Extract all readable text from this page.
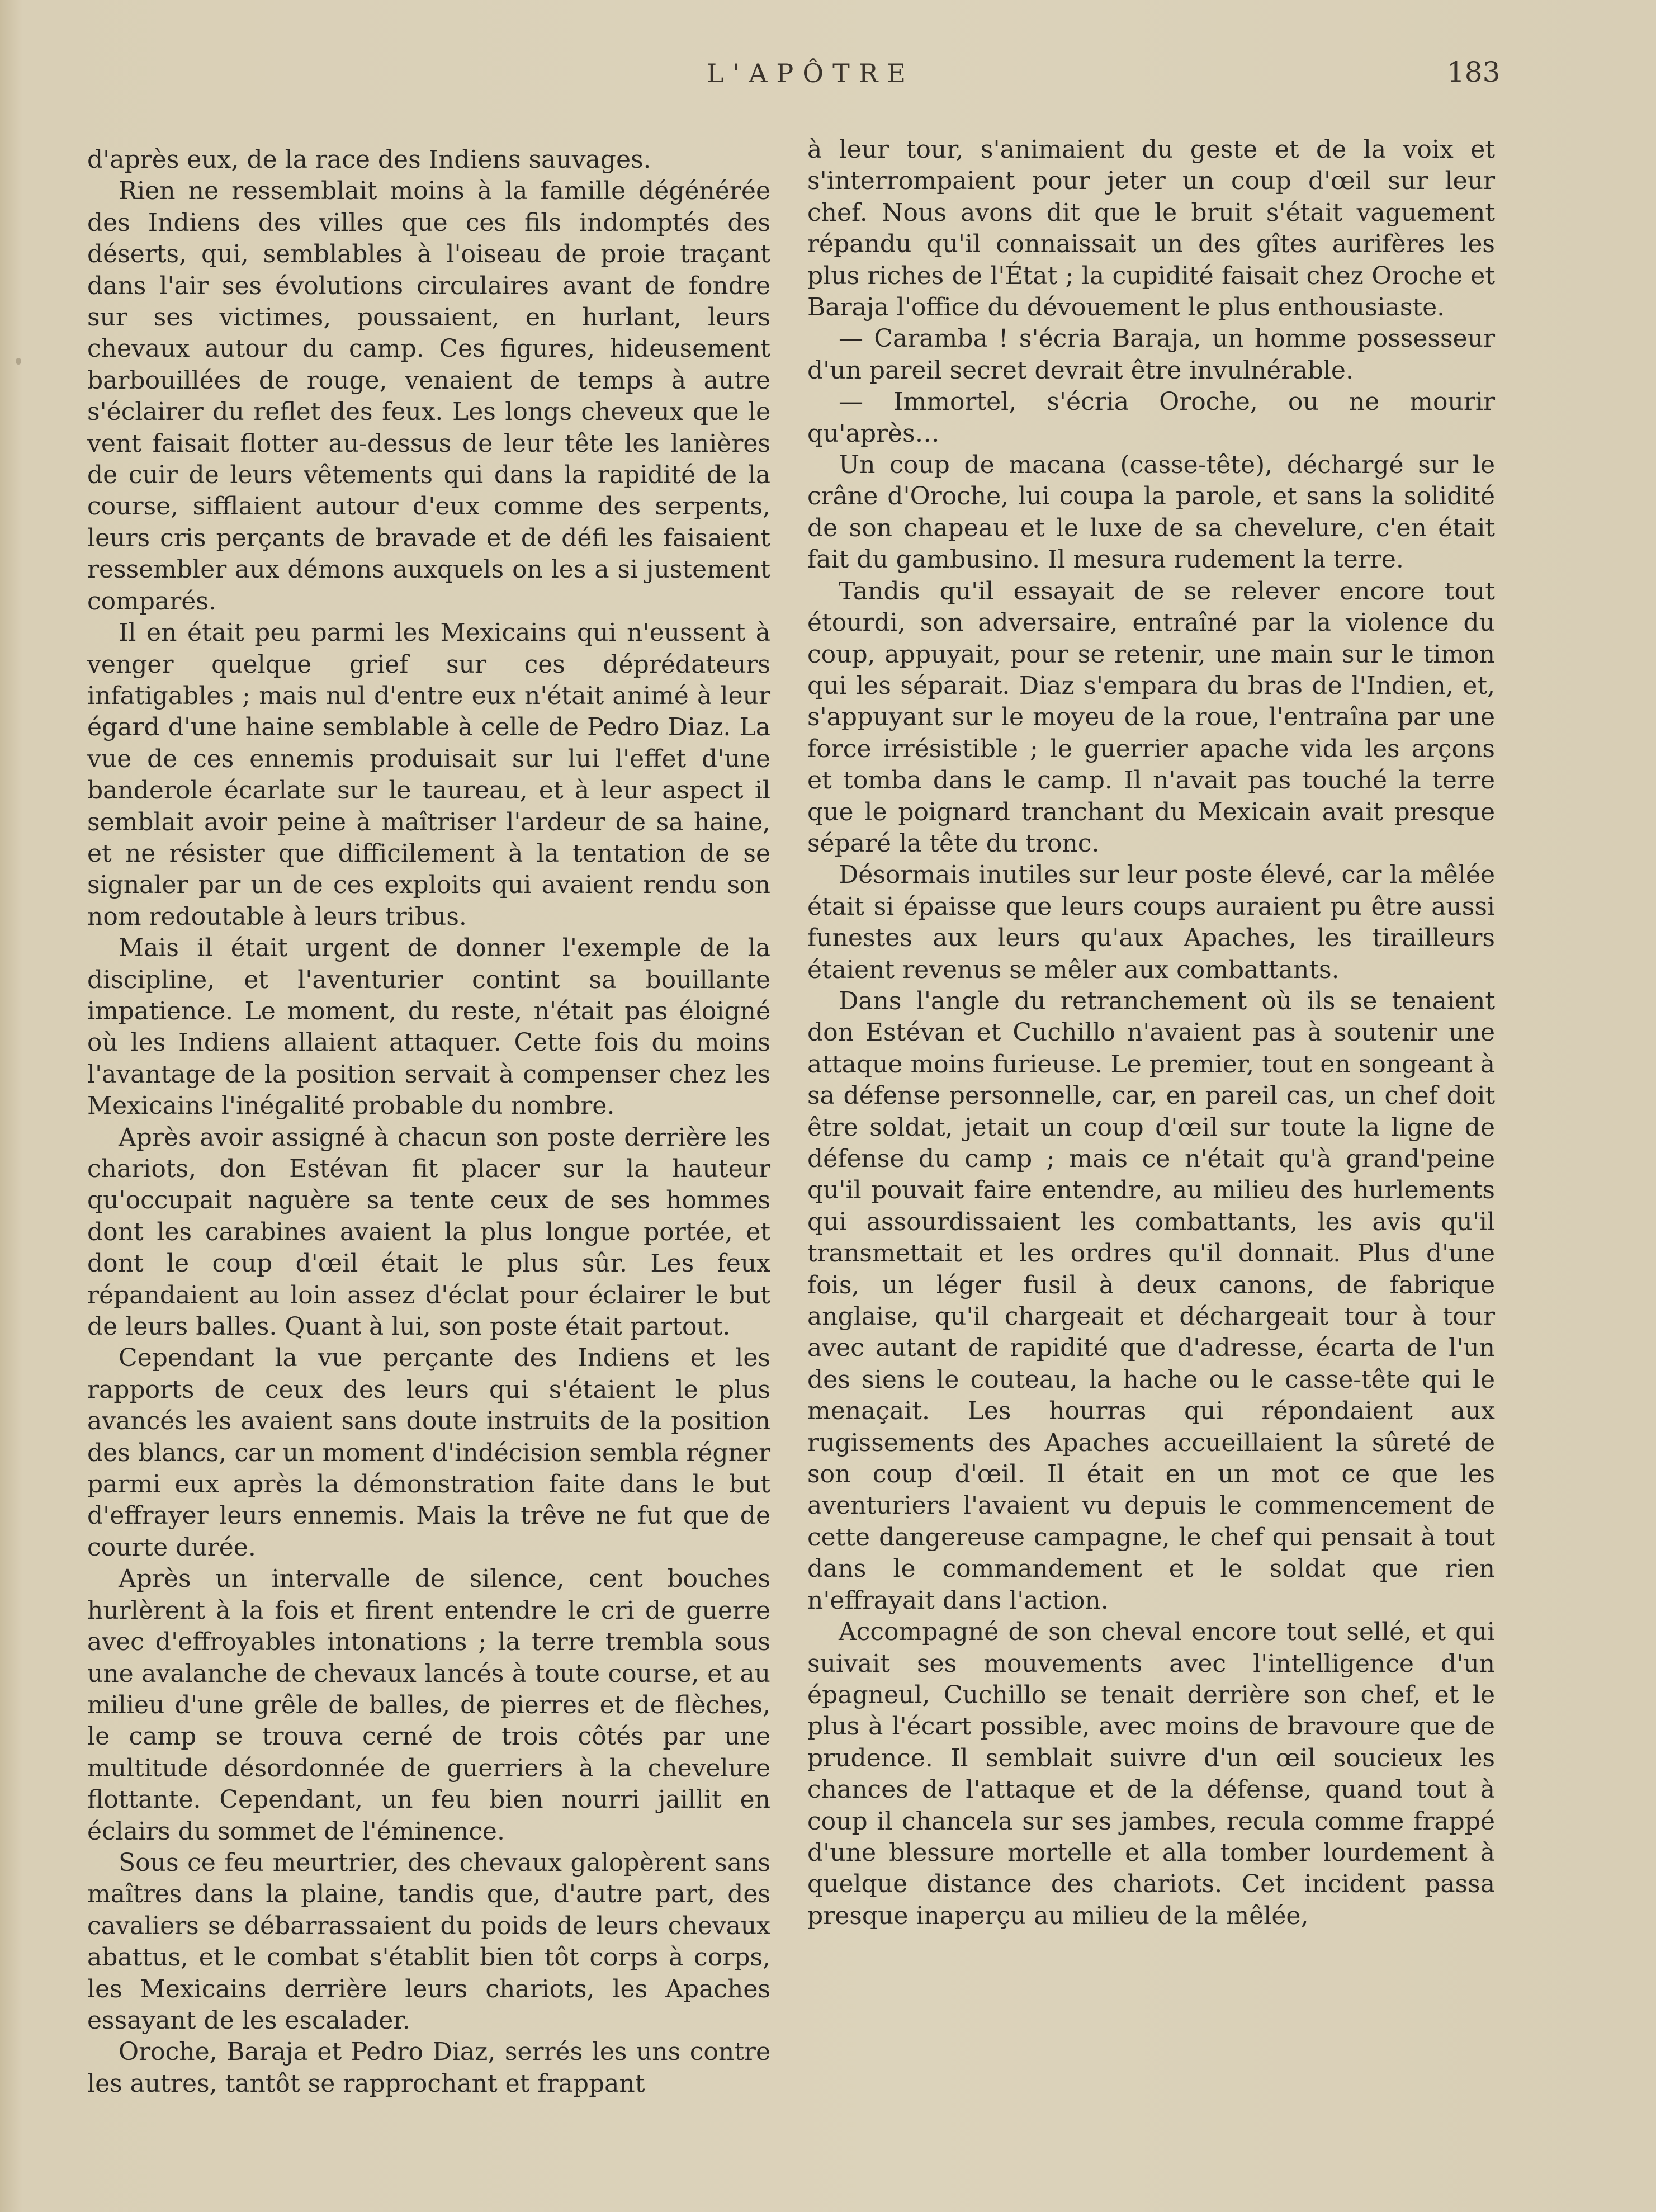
L'APÔTRE	183

d'après eux, de la race des Indiens sauvages.

Rien ne ressemblait moins à la famille dégénérée des Indiens des villes que ces fils indomptés des déserts, qui, semblables à l'oiseau de proie traçant dans l'air ses évolutions circulaires avant de fondre sur ses victimes, poussaient, en hurlant, leurs chevaux autour du camp. Ces figures, hideusement barbouillées de rouge, venaient de temps à autre s'éclairer du reflet des feux. Les longs cheveux que le vent faisait flotter au-dessus de leur tête les lanières de cuir de leurs vêtements qui dans la rapidité de la course, sifflaient autour d'eux comme des serpents, leurs cris perçants de bravade et de défi les faisaient ressembler aux démons auxquels on les a si justement comparés.

Il en était peu parmi les Mexicains qui n'eussent à venger quelque grief sur ces déprédateurs infatigables ; mais nul d'entre eux n'était animé à leur égard d'une haine semblable à celle de Pedro Diaz. La vue de ces ennemis produisait sur lui l'effet d'une banderole écarlate sur le taureau, et à leur aspect il semblait avoir peine à maîtriser l'ardeur de sa haine, et ne résister que difficilement à la tentation de se signaler par un de ces exploits qui avaient rendu son nom redoutable à leurs tribus.

Mais il était urgent de donner l'exemple de la discipline, et l'aventurier contint sa bouillante impatience. Le moment, du reste, n'était pas éloigné où les Indiens allaient attaquer. Cette fois du moins l'avantage de la position servait à compenser chez les Mexicains l'inégalité probable du nombre.

Après avoir assigné à chacun son poste derrière les chariots, don Estévan fit placer sur la hauteur qu'occupait naguère sa tente ceux de ses hommes dont les carabines avaient la plus longue portée, et dont le coup d'œil était le plus sûr. Les feux répandaient au loin assez d'éclat pour éclairer le but de leurs balles. Quant à lui, son poste était partout.

Cependant la vue perçante des Indiens et les rapports de ceux des leurs qui s'étaient le plus avancés les avaient sans doute instruits de la position des blancs, car un moment d'indécision sembla régner parmi eux après la démonstration faite dans le but d'effrayer leurs ennemis. Mais la trêve ne fut que de courte durée.

Après un intervalle de silence, cent bouches hurlèrent à la fois et firent entendre le cri de guerre avec d'effroyables intonations ; la terre trembla sous une avalanche de chevaux lancés à toute course, et au milieu d'une grêle de balles, de pierres et de flèches, le camp se trouva cerné de trois côtés par une multitude désordonnée de guerriers à la chevelure flottante. Cependant, un feu bien nourri jaillit en éclairs du sommet de l'éminence.

Sous ce feu meurtrier, des chevaux galopèrent sans maîtres dans la plaine, tandis que, d'autre part, des cavaliers se débarrassaient du poids de leurs chevaux abattus, et le combat s'établit bien tôt corps à corps, les Mexicains derrière leurs chariots, les Apaches essayant de les escalader.

Oroche, Baraja et Pedro Diaz, serrés les uns contre les autres, tantôt se rapprochant et frappant

à leur tour, s'animaient du geste et de la voix et s'interrompaient pour jeter un coup d'œil sur leur chef. Nous avons dit que le bruit s'était vaguement répandu qu'il connaissait un des gîtes aurifères les plus riches de l'État ; la cupidité faisait chez Oroche et Baraja l'office du dévouement le plus enthousiaste.

— Caramba ! s'écria Baraja, un homme possesseur d'un pareil secret devrait être invulnérable.

— Immortel, s'écria Oroche, ou ne mourir qu'après…

Un coup de macana (casse-tête), déchargé sur le crâne d'Oroche, lui coupa la parole, et sans la solidité de son chapeau et le luxe de sa chevelure, c'en était fait du gambusino. Il mesura rudement la terre.

Tandis qu'il essayait de se relever encore tout étourdi, son adversaire, entraîné par la violence du coup, appuyait, pour se retenir, une main sur le timon qui les séparait. Diaz s'empara du bras de l'Indien, et, s'appuyant sur le moyeu de la roue, l'entraîna par une force irrésistible ; le guerrier apache vida les arçons et tomba dans le camp. Il n'avait pas touché la terre que le poignard tranchant du Mexicain avait presque séparé la tête du tronc.

Désormais inutiles sur leur poste élevé, car la mêlée était si épaisse que leurs coups auraient pu être aussi funestes aux leurs qu'aux Apaches, les tirailleurs étaient revenus se mêler aux combattants.

Dans l'angle du retranchement où ils se tenaient don Estévan et Cuchillo n'avaient pas à soutenir une attaque moins furieuse. Le premier, tout en songeant à sa défense personnelle, car, en pareil cas, un chef doit être soldat, jetait un coup d'œil sur toute la ligne de défense du camp ; mais ce n'était qu'à grand'peine qu'il pouvait faire entendre, au milieu des hurlements qui assourdissaient les combattants, les avis qu'il transmettait et les ordres qu'il donnait. Plus d'une fois, un léger fusil à deux canons, de fabrique anglaise, qu'il chargeait et déchargeait tour à tour avec autant de rapidité que d'adresse, écarta de l'un des siens le couteau, la hache ou le casse-tête qui le menaçait. Les hourras qui répondaient aux rugissements des Apaches accueillaient la sûreté de son coup d'œil. Il était en un mot ce que les aventuriers l'avaient vu depuis le commencement de cette dangereuse campagne, le chef qui pensait à tout dans le commandement et le soldat que rien n'effrayait dans l'action.

Accompagné de son cheval encore tout sellé, et qui suivait ses mouvements avec l'intelligence d'un épagneul, Cuchillo se tenait derrière son chef, et le plus à l'écart possible, avec moins de bravoure que de prudence. Il semblait suivre d'un œil soucieux les chances de l'attaque et de la défense, quand tout à coup il chancela sur ses jambes, recula comme frappé d'une blessure mortelle et alla tomber lourdement à quelque distance des chariots. Cet incident passa presque inaperçu au milieu de la mêlée,
